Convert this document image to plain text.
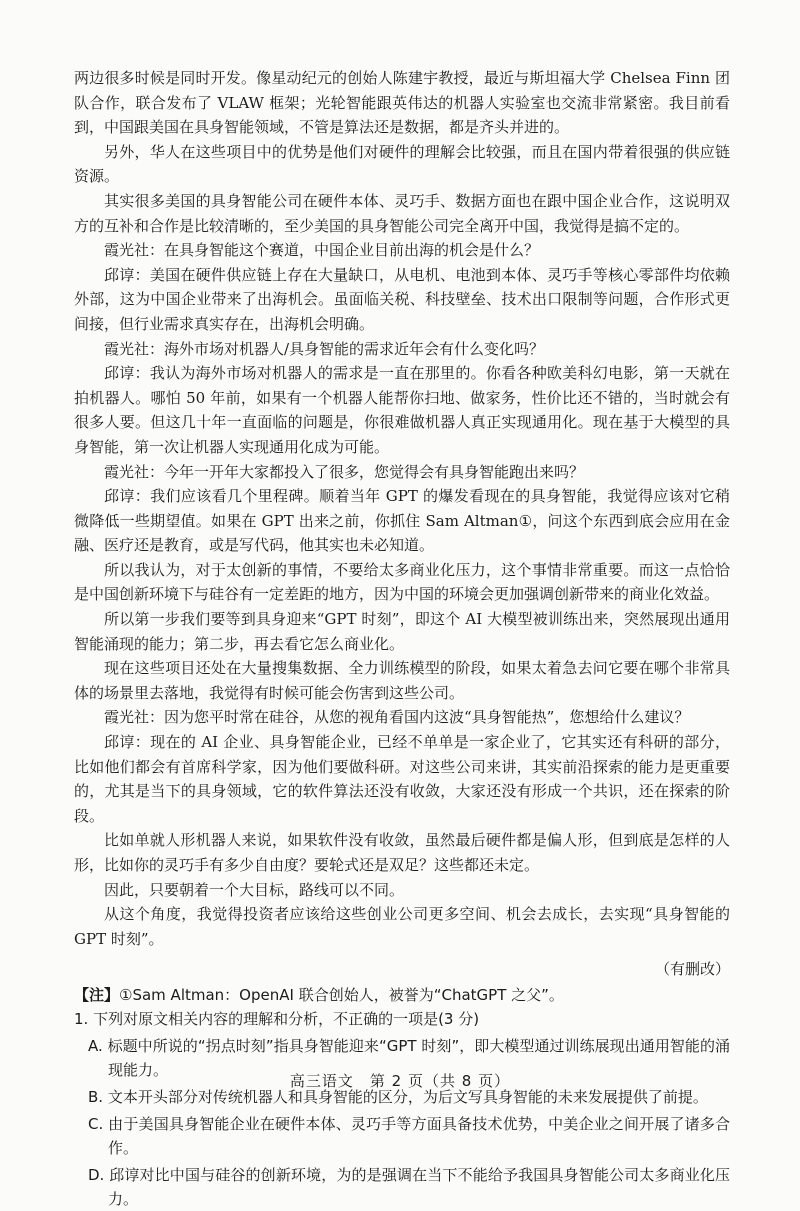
两边很多时候是同时开发。像星动纪元的创始人陈建宇教授，最近与斯坦福大学 Chelsea Finn 团队合作，联合发布了 VLAW 框架；光轮智能跟英伟达的机器人实验室也交流非常紧密。我目前看到，中国跟美国在具身智能领域，不管是算法还是数据，都是齐头并进的。

另外，华人在这些项目中的优势是他们对硬件的理解会比较强，而且在国内带着很强的供应链资源。

其实很多美国的具身智能公司在硬件本体、灵巧手、数据方面也在跟中国企业合作，这说明双方的互补和合作是比较清晰的，至少美国的具身智能公司完全离开中国，我觉得是搞不定的。

霞光社：在具身智能这个赛道，中国企业目前出海的机会是什么？

邱谆：美国在硬件供应链上存在大量缺口，从电机、电池到本体、灵巧手等核心零部件均依赖外部，这为中国企业带来了出海机会。虽面临关税、科技壁垒、技术出口限制等问题，合作形式更间接，但行业需求真实存在，出海机会明确。

霞光社：海外市场对机器人/具身智能的需求近年会有什么变化吗？

邱谆：我认为海外市场对机器人的需求是一直在那里的。你看各种欧美科幻电影，第一天就在拍机器人。哪怕 50 年前，如果有一个机器人能帮你扫地、做家务，性价比还不错的，当时就会有很多人要。但这几十年一直面临的问题是，你很难做机器人真正实现通用化。现在基于大模型的具身智能，第一次让机器人实现通用化成为可能。

霞光社：今年一开年大家都投入了很多，您觉得会有具身智能跑出来吗？

邱谆：我们应该看几个里程碑。顺着当年 GPT 的爆发看现在的具身智能，我觉得应该对它稍微降低一些期望值。如果在 GPT 出来之前，你抓住 Sam Altman①，问这个东西到底会应用在金融、医疗还是教育，或是写代码，他其实也未必知道。

所以我认为，对于太创新的事情，不要给太多商业化压力，这个事情非常重要。而这一点恰恰是中国创新环境下与硅谷有一定差距的地方，因为中国的环境会更加强调创新带来的商业化效益。

所以第一步我们要等到具身迎来“GPT 时刻”，即这个 AI 大模型被训练出来，突然展现出通用智能涌现的能力；第二步，再去看它怎么商业化。

现在这些项目还处在大量搜集数据、全力训练模型的阶段，如果太着急去问它要在哪个非常具体的场景里去落地，我觉得有时候可能会伤害到这些公司。

霞光社：因为您平时常在硅谷，从您的视角看国内这波“具身智能热”，您想给什么建议？

邱谆：现在的 AI 企业、具身智能企业，已经不单单是一家企业了，它其实还有科研的部分，比如他们都会有首席科学家，因为他们要做科研。对这些公司来讲，其实前沿探索的能力是更重要的，尤其是当下的具身领域，它的软件算法还没有收敛，大家还没有形成一个共识，还在探索的阶段。

比如单就人形机器人来说，如果软件没有收敛，虽然最后硬件都是偏人形，但到底是怎样的人形，比如你的灵巧手有多少自由度？要轮式还是双足？这些都还未定。

因此，只要朝着一个大目标，路线可以不同。

从这个角度，我觉得投资者应该给这些创业公司更多空间、机会去成长，去实现“具身智能的 GPT 时刻”。

（有删改）
【注】①Sam Altman：OpenAI 联合创始人，被誉为“ChatGPT 之父”。

1. 下列对原文相关内容的理解和分析，不正确的一项是(3 分)

A. 标题中所说的“拐点时刻”指具身智能迎来“GPT 时刻”，即大模型通过训练展现出通用智能的涌现能力。

B. 文本开头部分对传统机器人和具身智能的区分，为后文写具身智能的未来发展提供了前提。

C. 由于美国具身智能企业在硬件本体、灵巧手等方面具备技术优势，中美企业之间开展了诸多合作。

D. 邱谆对比中国与硅谷的创新环境，为的是强调在当下不能给予我国具身智能公司太多商业化压力。

高三语文　第 2 页（共 8 页）
